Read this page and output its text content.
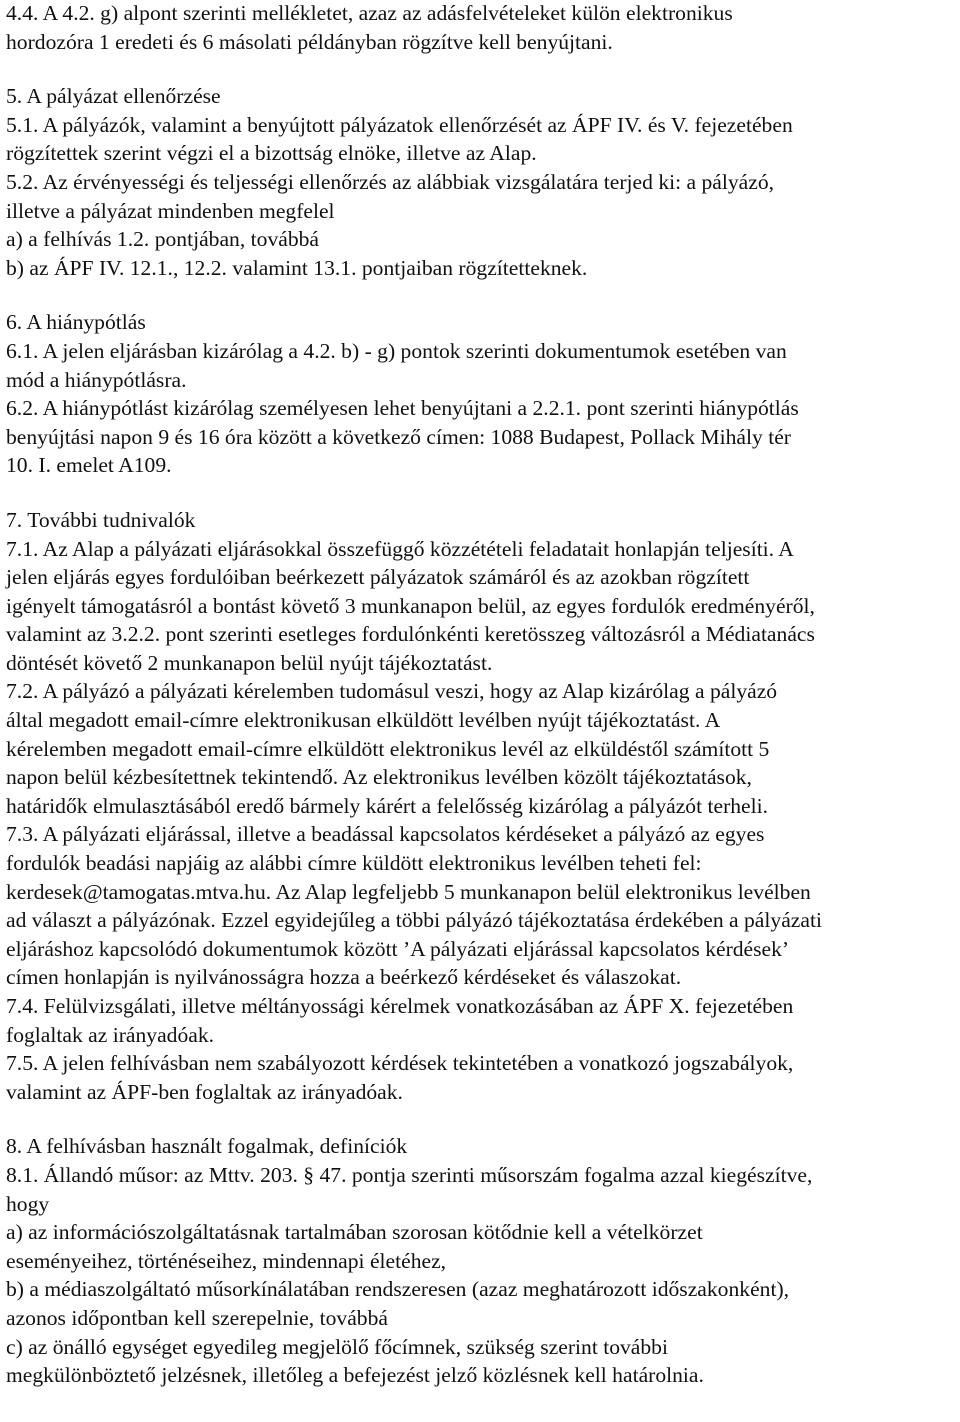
4.4. A 4.2. g) alpont szerinti mellékletet, azaz az adásfelvételeket külön elektronikus
hordozóra 1 eredeti és 6 másolati példányban rögzítve kell benyújtani.
5. A pályázat ellenőrzése
5.1. A pályázók, valamint a benyújtott pályázatok ellenőrzését az ÁPF IV. és V. fejezetében
rögzítettek szerint végzi el a bizottság elnöke, illetve az Alap.
5.2. Az érvényességi és teljességi ellenőrzés az alábbiak vizsgálatára terjed ki: a pályázó,
illetve a pályázat mindenben megfelel
a) a felhívás 1.2. pontjában, továbbá
b) az ÁPF IV. 12.1., 12.2. valamint 13.1. pontjaiban rögzítetteknek.
6. A hiánypótlás
6.1. A jelen eljárásban kizárólag a 4.2. b) - g) pontok szerinti dokumentumok esetében van
mód a hiánypótlásra.
6.2. A hiánypótlást kizárólag személyesen lehet benyújtani a 2.2.1. pont szerinti hiánypótlás
benyújtási napon 9 és 16 óra között a következő címen: 1088 Budapest, Pollack Mihály tér
10. I. emelet A109.
7. További tudnivalók
7.1. Az Alap a pályázati eljárásokkal összefüggő közzétételi feladatait honlapján teljesíti. A
jelen eljárás egyes fordulóiban beérkezett pályázatok számáról és az azokban rögzített
igényelt támogatásról a bontást követő 3 munkanapon belül, az egyes fordulók eredményéről,
valamint az 3.2.2. pont szerinti esetleges fordulónkénti keretösszeg változásról a Médiatanács
döntését követő 2 munkanapon belül nyújt tájékoztatást.
7.2. A pályázó a pályázati kérelemben tudomásul veszi, hogy az Alap kizárólag a pályázó
által megadott email-címre elektronikusan elküldött levélben nyújt tájékoztatást. A
kérelemben megadott email-címre elküldött elektronikus levél az elküldéstől számított 5
napon belül kézbesítettnek tekintendő. Az elektronikus levélben közölt tájékoztatások,
határidők elmulasztásából eredő bármely kárért a felelősség kizárólag a pályázót terheli.
7.3. A pályázati eljárással, illetve a beadással kapcsolatos kérdéseket a pályázó az egyes
fordulók beadási napjáig az alábbi címre küldött elektronikus levélben teheti fel:
kerdesek@tamogatas.mtva.hu. Az Alap legfeljebb 5 munkanapon belül elektronikus levélben
ad választ a pályázónak. Ezzel egyidejűleg a többi pályázó tájékoztatása érdekében a pályázati
eljáráshoz kapcsolódó dokumentumok között ’A pályázati eljárással kapcsolatos kérdések’
címen honlapján is nyilvánosságra hozza a beérkező kérdéseket és válaszokat.
7.4. Felülvizsgálati, illetve méltányossági kérelmek vonatkozásában az ÁPF X. fejezetében
foglaltak az irányadóak.
7.5. A jelen felhívásban nem szabályozott kérdések tekintetében a vonatkozó jogszabályok,
valamint az ÁPF-ben foglaltak az irányadóak.
8. A felhívásban használt fogalmak, definíciók
8.1. Állandó műsor: az Mttv. 203. § 47. pontja szerinti műsorszám fogalma azzal kiegészítve,
hogy
a) az információszolgáltatásnak tartalmában szorosan kötődnie kell a vételkörzet
eseményeihez, történéseihez, mindennapi életéhez,
b) a médiaszolgáltató műsorkínálatában rendszeresen (azaz meghatározott időszakonként),
azonos időpontban kell szerepelnie, továbbá
c) az önálló egységet egyedileg megjelölő főcímnek, szükség szerint további
megkülönböztető jelzésnek, illetőleg a befejezést jelző közlésnek kell határolnia.
